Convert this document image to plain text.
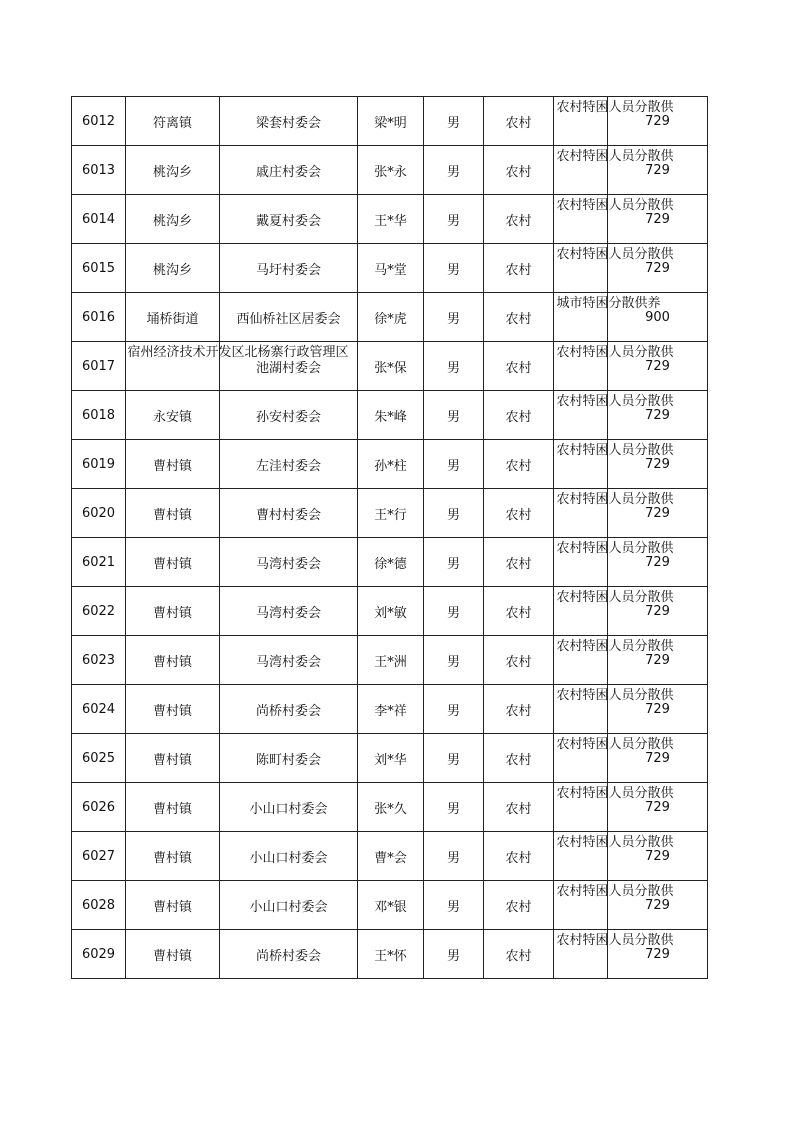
6012	符离镇	梁套村委会	梁*明	男	农村	农村特困人员分散供	729
6013	桃沟乡	戚庄村委会	张*永	男	农村	农村特困人员分散供	729
6014	桃沟乡	戴夏村委会	王*华	男	农村	农村特困人员分散供	729
6015	桃沟乡	马圩村委会	马*堂	男	农村	农村特困人员分散供	729
6016	埇桥街道	西仙桥社区居委会	徐*虎	男	农村	城市特困分散供养	900
6017	宿州经济技术开发区北杨寨行政管理区	池湖村委会	张*保	男	农村	农村特困人员分散供	729
6018	永安镇	孙安村委会	朱*峰	男	农村	农村特困人员分散供	729
6019	曹村镇	左洼村委会	孙*柱	男	农村	农村特困人员分散供	729
6020	曹村镇	曹村村委会	王*行	男	农村	农村特困人员分散供	729
6021	曹村镇	马湾村委会	徐*德	男	农村	农村特困人员分散供	729
6022	曹村镇	马湾村委会	刘*敏	男	农村	农村特困人员分散供	729
6023	曹村镇	马湾村委会	王*洲	男	农村	农村特困人员分散供	729
6024	曹村镇	尚桥村委会	李*祥	男	农村	农村特困人员分散供	729
6025	曹村镇	陈町村委会	刘*华	男	农村	农村特困人员分散供	729
6026	曹村镇	小山口村委会	张*久	男	农村	农村特困人员分散供	729
6027	曹村镇	小山口村委会	曹*会	男	农村	农村特困人员分散供	729
6028	曹村镇	小山口村委会	邓*银	男	农村	农村特困人员分散供	729
6029	曹村镇	尚桥村委会	王*怀	男	农村	农村特困人员分散供	729
